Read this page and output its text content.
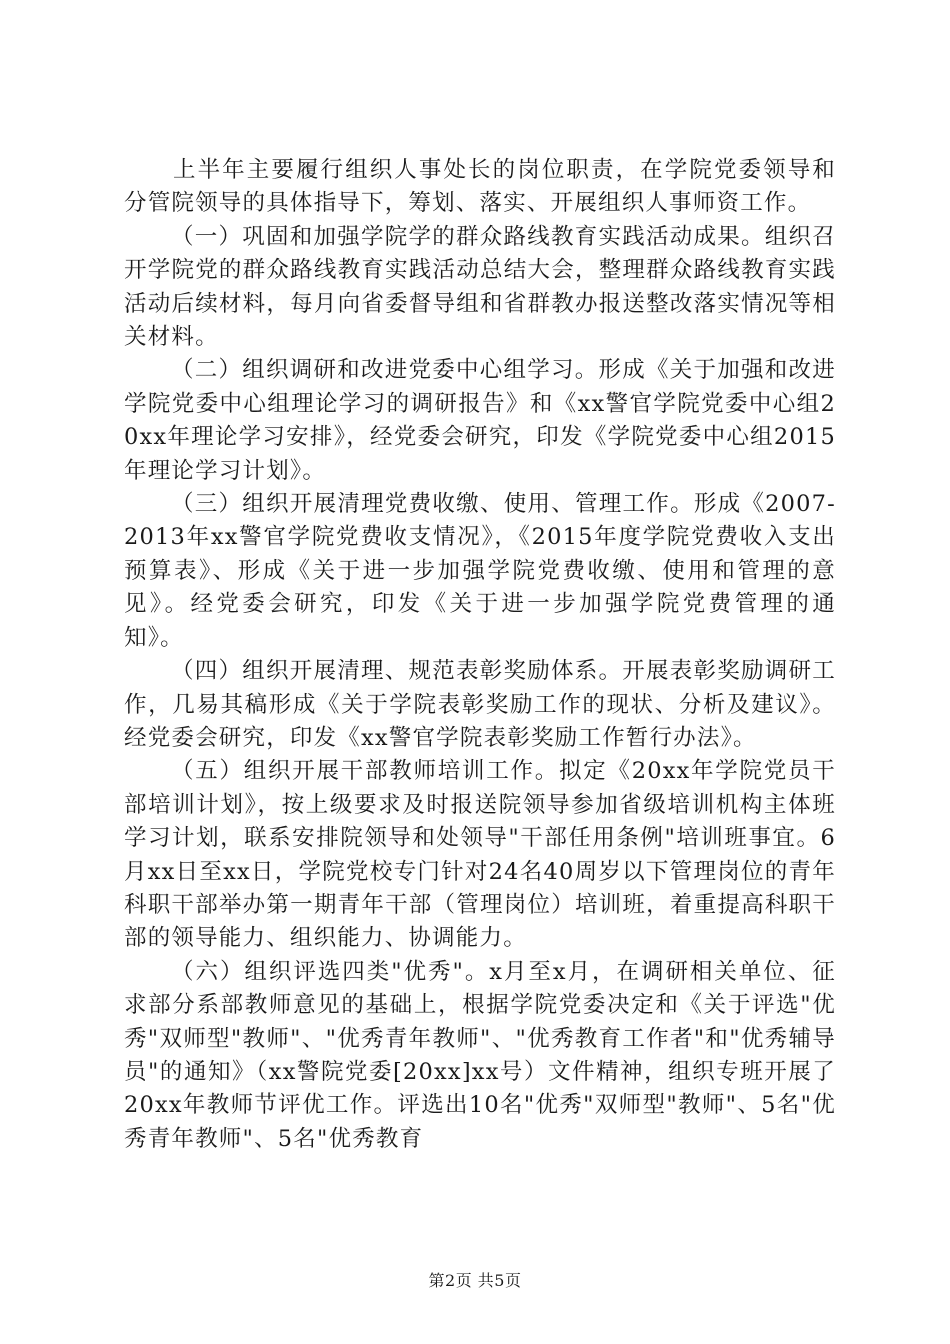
上半年主要履行组织人事处长的岗位职责，在学院党委领导和分管院领导的具体指导下，筹划、落实、开展组织人事师资工作。

（一）巩固和加强学院学的群众路线教育实践活动成果。组织召开学院党的群众路线教育实践活动总结大会，整理群众路线教育实践活动后续材料，每月向省委督导组和省群教办报送整改落实情况等相关材料。

（二）组织调研和改进党委中心组学习。形成《关于加强和改进学院党委中心组理论学习的调研报告》和《xx警官学院党委中心组20xx年理论学习安排》，经党委会研究，印发《学院党委中心组2015年理论学习计划》。

（三）组织开展清理党费收缴、使用、管理工作。形成《2007-2013年xx警官学院党费收支情况》，《2015年度学院党费收入支出预算表》、形成《关于进一步加强学院党费收缴、使用和管理的意见》。经党委会研究，印发《关于进一步加强学院党费管理的通知》。

（四）组织开展清理、规范表彰奖励体系。开展表彰奖励调研工作，几易其稿形成《关于学院表彰奖励工作的现状、分析及建议》。经党委会研究，印发《xx警官学院表彰奖励工作暂行办法》。

（五）组织开展干部教师培训工作。拟定《20xx年学院党员干部培训计划》，按上级要求及时报送院领导参加省级培训机构主体班学习计划，联系安排院领导和处领导"干部任用条例"培训班事宜。6月xx日至xx日，学院党校专门针对24名40周岁以下管理岗位的青年科职干部举办第一期青年干部（管理岗位）培训班，着重提高科职干部的领导能力、组织能力、协调能力。

（六）组织评选四类"优秀"。x月至x月，在调研相关单位、征求部分系部教师意见的基础上，根据学院党委决定和《关于评选"优秀"双师型"教师"、"优秀青年教师"、"优秀教育工作者"和"优秀辅导员"的通知》（xx警院党委[20xx]xx号）文件精神，组织专班开展了20xx年教师节评优工作。评选出10名"优秀"双师型"教师"、5名"优秀青年教师"、5名"优秀教育

第2页 共5页
